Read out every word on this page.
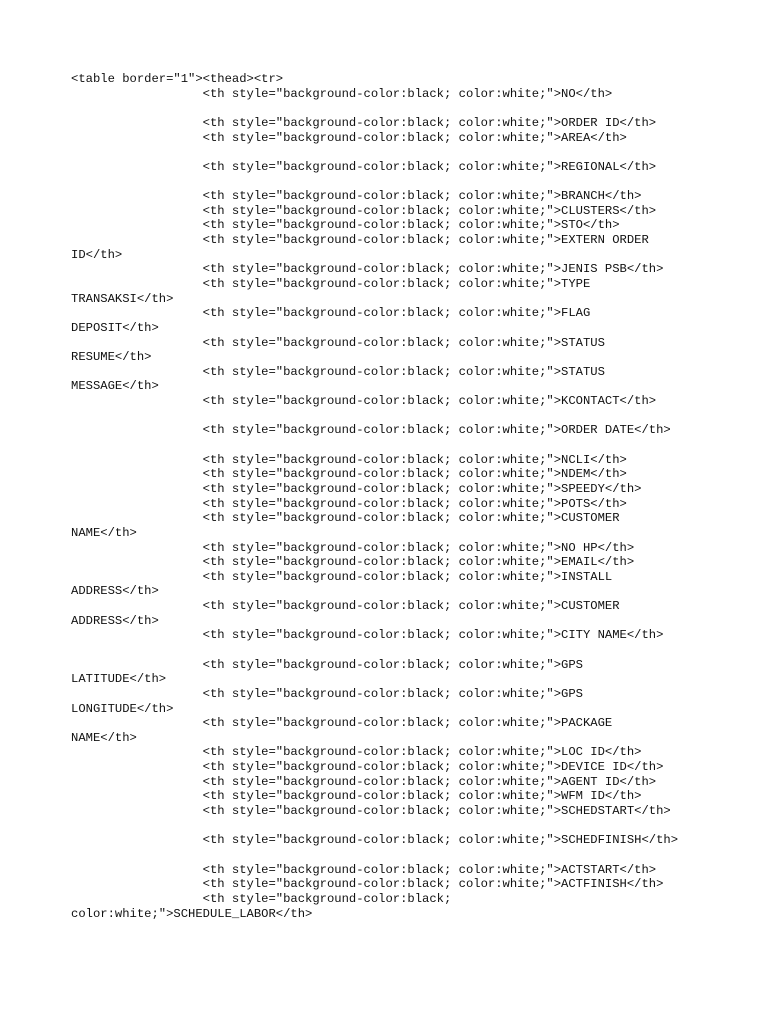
<table border="1"><thead><tr>
<th style="background-color:black; color:white;">NO</th>
<th style="background-color:black; color:white;">ORDER ID</th>
<th style="background-color:black; color:white;">AREA</th>
<th style="background-color:black; color:white;">REGIONAL</th>
<th style="background-color:black; color:white;">BRANCH</th>
<th style="background-color:black; color:white;">CLUSTERS</th>
<th style="background-color:black; color:white;">STO</th>
<th style="background-color:black; color:white;">EXTERN ORDER
ID</th>
<th style="background-color:black; color:white;">JENIS PSB</th>
<th style="background-color:black; color:white;">TYPE
TRANSAKSI</th>
<th style="background-color:black; color:white;">FLAG
DEPOSIT</th>
<th style="background-color:black; color:white;">STATUS
RESUME</th>
<th style="background-color:black; color:white;">STATUS
MESSAGE</th>
<th style="background-color:black; color:white;">KCONTACT</th>
<th style="background-color:black; color:white;">ORDER DATE</th>
<th style="background-color:black; color:white;">NCLI</th>
<th style="background-color:black; color:white;">NDEM</th>
<th style="background-color:black; color:white;">SPEEDY</th>
<th style="background-color:black; color:white;">POTS</th>
<th style="background-color:black; color:white;">CUSTOMER
NAME</th>
<th style="background-color:black; color:white;">NO HP</th>
<th style="background-color:black; color:white;">EMAIL</th>
<th style="background-color:black; color:white;">INSTALL
ADDRESS</th>
<th style="background-color:black; color:white;">CUSTOMER
ADDRESS</th>
<th style="background-color:black; color:white;">CITY NAME</th>
<th style="background-color:black; color:white;">GPS
LATITUDE</th>
<th style="background-color:black; color:white;">GPS
LONGITUDE</th>
<th style="background-color:black; color:white;">PACKAGE
NAME</th>
<th style="background-color:black; color:white;">LOC ID</th>
<th style="background-color:black; color:white;">DEVICE ID</th>
<th style="background-color:black; color:white;">AGENT ID</th>
<th style="background-color:black; color:white;">WFM ID</th>
<th style="background-color:black; color:white;">SCHEDSTART</th>
<th style="background-color:black; color:white;">SCHEDFINISH</th>
<th style="background-color:black; color:white;">ACTSTART</th>
<th style="background-color:black; color:white;">ACTFINISH</th>
<th style="background-color:black;
color:white;">SCHEDULE_LABOR</th>
